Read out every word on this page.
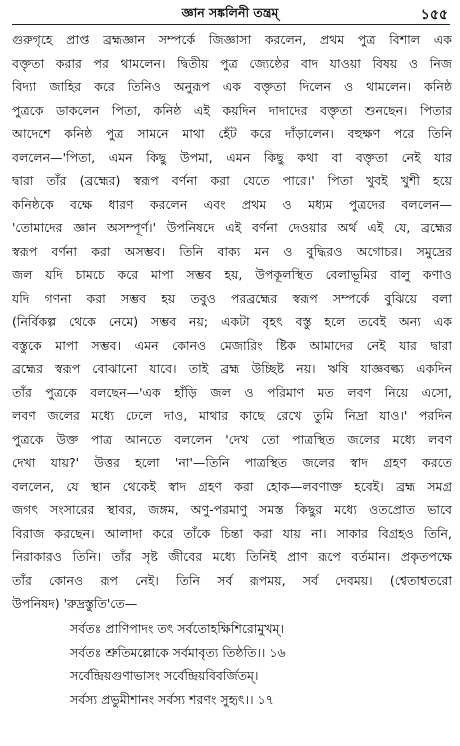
জ্ঞান সঙ্কলিনী তন্ত্রম্‌	১৫৫
গুরুগৃহে প্রাপ্ত ব্রহ্মজ্ঞান সম্পর্কে জিজ্ঞাসা করলেন, প্রথম পুত্র বিশাল এক
বক্তৃতা করার পর থামলেন। দ্বিতীয় পুত্র জ্যেষ্ঠের বাদ যাওয়া বিষয় ও নিজ
বিদ্যা জাহির করে তিনিও অনুরূপ এক বক্তৃতা দিলেন ও থামলেন। কনিষ্ঠ
পুত্রকে ডাকলেন পিতা, কনিষ্ঠ এই কয়দিন দাদাদের বক্তৃতা শুনছেন। পিতার
আদেশে কনিষ্ঠ পুত্র সামনে মাথা হেঁট করে দাঁড়ালেন। বহুক্ষণ পরে তিনি
বললেন—'পিতা, এমন কিছু উপমা, এমন কিছু কথা বা বক্তৃতা নেই যার
দ্বারা তাঁর (ব্রহ্মের) স্বরূপ বর্ণনা করা যেতে পারে।' পিতা খুবই খুশী হয়ে
কনিষ্ঠকে বক্ষে ধারণ করলেন এবং প্রথম ও মধ্যম পুত্রদের বললেন—
'তোমাদের জ্ঞান অসম্পূর্ণ।' উপনিষদে এই বর্ণনা দেওয়ার অর্থ এই যে, ব্রহ্মের
স্বরূপ বর্ণনা করা অসম্ভব। তিনি বাক্য মন ও বুদ্ধিরও অগোচর। সমুদ্রের
জল যদি চামচে করে মাপা সম্ভব হয়, উপকূলস্থিত বেলাভূমির বালু কণাও
যদি গণনা করা সম্ভব হয় তবুও পরব্রহ্মের স্বরূপ সম্পর্কে বুঝিয়ে বলা
(নির্বিকল্প থেকে নেমে) সম্ভব নয়; একটা বৃহৎ বস্তু হলে তবেই অন্য এক
বস্তুকে মাপা সম্ভব। এমন কোনও মেজারিং ষ্টিক আমাদের নেই যার দ্বারা
ব্রহ্মের স্বরূপ বোঝানো যাবে। তাই ব্রহ্ম উচ্ছিষ্ট নয়। ঋষি যাজ্ঞবল্ক্য একদিন
তাঁর পুত্রকে বলছেন—'এক হাঁড়ি জল ও পরিমাণ মত লবণ নিয়ে এসো,
লবণ জলের মধ্যে ঢেলে দাও, মাথার কাছে রেখে তুমি নিদ্রা যাও।' পরদিন
পুত্রকে উক্ত পাত্র আনতে বললেন 'দেখ তো পাত্রস্থিত জলের মধ্যে লবণ
দেখা যায়?' উত্তর হলো 'না'—তিনি পাত্রস্থিত জলের স্বাদ গ্রহণ করতে
বললেন, যে স্থান থেকেই স্বাদ গ্রহণ করা হোক—লবণাক্ত হবেই। ব্রহ্ম সমগ্র
জগৎ সংসারের স্থাবর, জঙ্গম, অণু-পরমাণু সমস্ত কিছুর মধ্যে ওতপ্রোত ভাবে
বিরাজ করছেন। আলাদা করে তাঁকে চিন্তা করা যায় না। সাকার বিগ্রহও তিনি,
নিরাকারও তিনি। তাঁর সৃষ্ট জীবের মধ্যে তিনিই প্রাণ রূপে বর্তমান। প্রকৃতপক্ষে
তাঁর কোনও রূপ নেই। তিনি সর্ব রূপময়, সর্ব দেবময়। (শ্বেতাশ্বতরো
উপনিষদ) 'রুদ্রস্তুতি'তে—
সর্বতঃ প্রাণিপাদং তৎ সর্বতোহক্ষিশিরোমুখম্‌।
সর্বতঃ শ্রুতিমল্লোকে সর্বমাবৃত্য তিষ্ঠতি।। ১৬
সর্বেন্দ্রিয়গুণাভাসং সর্বেন্দ্রিয়বিবর্জিতম্‌।
সর্বস্য প্রভুমীশানং সর্বস্য শরণং সুহৃৎ।। ১৭
